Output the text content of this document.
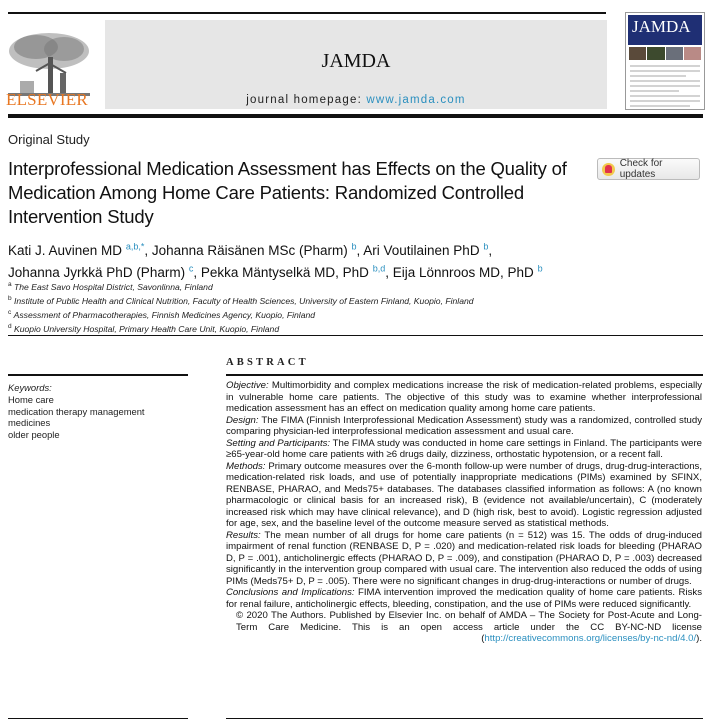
ELSEVIER
JAMDA
journal homepage: www.jamda.com
JAMDA
Original Study
Interprofessional Medication Assessment has Effects on the Quality of Medication Among Home Care Patients: Randomized Controlled Intervention Study
Check for updates
Kati J. Auvinen MD $^{a,b,*}$, Johanna Räisänen MSc (Pharm) $^b$, Ari Voutilainen PhD $^b$,
Johanna Jyrkkä PhD (Pharm) $^c$, Pekka Mäntyselkä MD, PhD $^{b,d}$, Eija Lönnroos MD, PhD $^b$
$^a$ The East Savo Hospital District, Savonlinna, Finland
$^b$ Institute of Public Health and Clinical Nutrition, Faculty of Health Sciences, University of Eastern Finland, Kuopio, Finland
$^c$ Assessment of Pharmacotherapies, Finnish Medicines Agency, Kuopio, Finland
$^d$ Kuopio University Hospital, Primary Health Care Unit, Kuopio, Finland
ABSTRACT
Keywords:
Home care
medication therapy management
medicines
older people

Objective: Multimorbidity and complex medications increase the risk of medication-related problems, especially in vulnerable home care patients. The objective of this study was to examine whether interprofessional medication assessment has an effect on medication quality among home care patients.

Design: The FIMA (Finnish Interprofessional Medication Assessment) study was a randomized, controlled study comparing physician-led interprofessional medication assessment and usual care.

Setting and Participants: The FIMA study was conducted in home care settings in Finland. The participants were ≥65-year-old home care patients with ≥6 drugs daily, dizziness, orthostatic hypotension, or a recent fall.

Methods: Primary outcome measures over the 6-month follow-up were number of drugs, drug-drug-interactions, medication-related risk loads, and use of potentially inappropriate medications (PIMs) examined by SFINX, RENBASE, PHARAO, and Meds75+ databases. The databases classified information as follows: A (no known pharmacologic or clinical basis for an increased risk), B (evidence not available/uncertain), C (moderately increased risk which may have clinical relevance), and D (high risk, best to avoid). Logistic regression adjusted for age, sex, and the baseline level of the outcome measure served as statistical methods.

Results: The mean number of all drugs for home care patients (n = 512) was 15. The odds of drug-induced impairment of renal function (RENBASE D, P = .020) and medication-related risk loads for bleeding (PHARAO D, P = .001), anticholinergic effects (PHARAO D, P = .009), and constipation (PHARAO D, P = .003) decreased significantly in the intervention group compared with usual care. The intervention also reduced the odds of using PIMs (Meds75+ D, P = .005). There were no significant changes in drug-drug-interactions or number of drugs.

Conclusions and Implications: FIMA intervention improved the medication quality of home care patients. Risks for renal failure, anticholinergic effects, bleeding, constipation, and the use of PIMs were reduced significantly.

© 2020 The Authors. Published by Elsevier Inc. on behalf of AMDA – The Society for Post-Acute and Long-Term Care Medicine. This is an open access article under the CC BY-NC-ND license (http://creativecommons.org/licenses/by-nc-nd/4.0/).
